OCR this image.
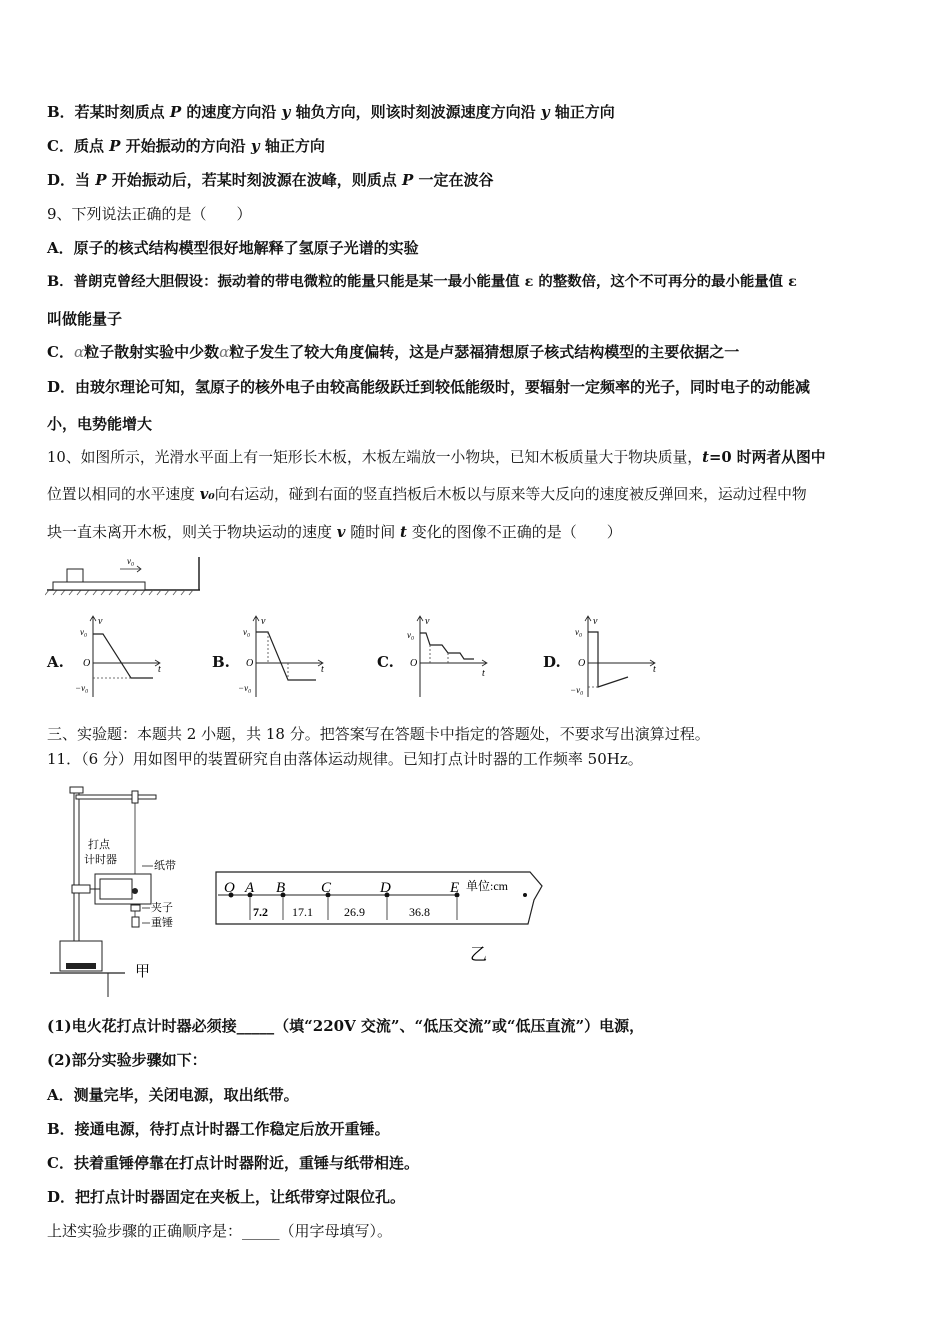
B．若某时刻质点 P 的速度方向沿 y 轴负方向，则该时刻波源速度方向沿 y 轴正方向
C．质点 P 开始振动的方向沿 y 轴正方向
D．当 P 开始振动后，若某时刻波源在波峰，则质点 P 一定在波谷
9、下列说法正确的是（　　）
A．原子的核式结构模型很好地解释了氢原子光谱的实验
B．普朗克曾经大胆假设：振动着的带电微粒的能量只能是某一最小能量值 ε 的整数倍，这个不可再分的最小能量值 ε
叫做能量子
C．α粒子散射实验中少数α粒子发生了较大角度偏转，这是卢瑟福猜想原子核式结构模型的主要依据之一
D．由玻尔理论可知，氢原子的核外电子由较高能级跃迁到较低能级时，要辐射一定频率的光子，同时电子的动能减
小，电势能增大
10、如图所示，光滑水平面上有一矩形长木板，木板左端放一小物块，已知木板质量大于物块质量，t=0 时两者从图中
位置以相同的水平速度 v₀向右运动，碰到右面的竖直挡板后木板以与原来等大反向的速度被反弹回来，运动过程中物
块一直未离开木板，则关于物块运动的速度 v 随时间 t 变化的图像不正确的是（　　）
v₀
A.
v
t
v₀
O
−v₀
B.
v
t
v₀
O
−v₀
C.
v
t
v₀
O	D.
v
t
v₀
O
−v₀
三、实验题：本题共 2 小题，共 18 分。把答案写在答题卡中指定的答题处，不要求写出演算过程。
11．（6 分）用如图甲的装置研究自由落体运动规律。已知打点计时器的工作频率 50Hz。
打点
计时器	纸带
夹子
重锤
甲
O A B C	D	E 单位:cm
7.2 17.1	26.9	36.8
乙
(1)电火花打点计时器必须接_____（填“220V 交流”、“低压交流”或“低压直流”）电源，
(2)部分实验步骤如下：
A．测量完毕，关闭电源，取出纸带。
B．接通电源，待打点计时器工作稳定后放开重锤。
C．扶着重锤停靠在打点计时器附近，重锤与纸带相连。
D．把打点计时器固定在夹板上，让纸带穿过限位孔。
上述实验步骤的正确顺序是：_____（用字母填写）。
